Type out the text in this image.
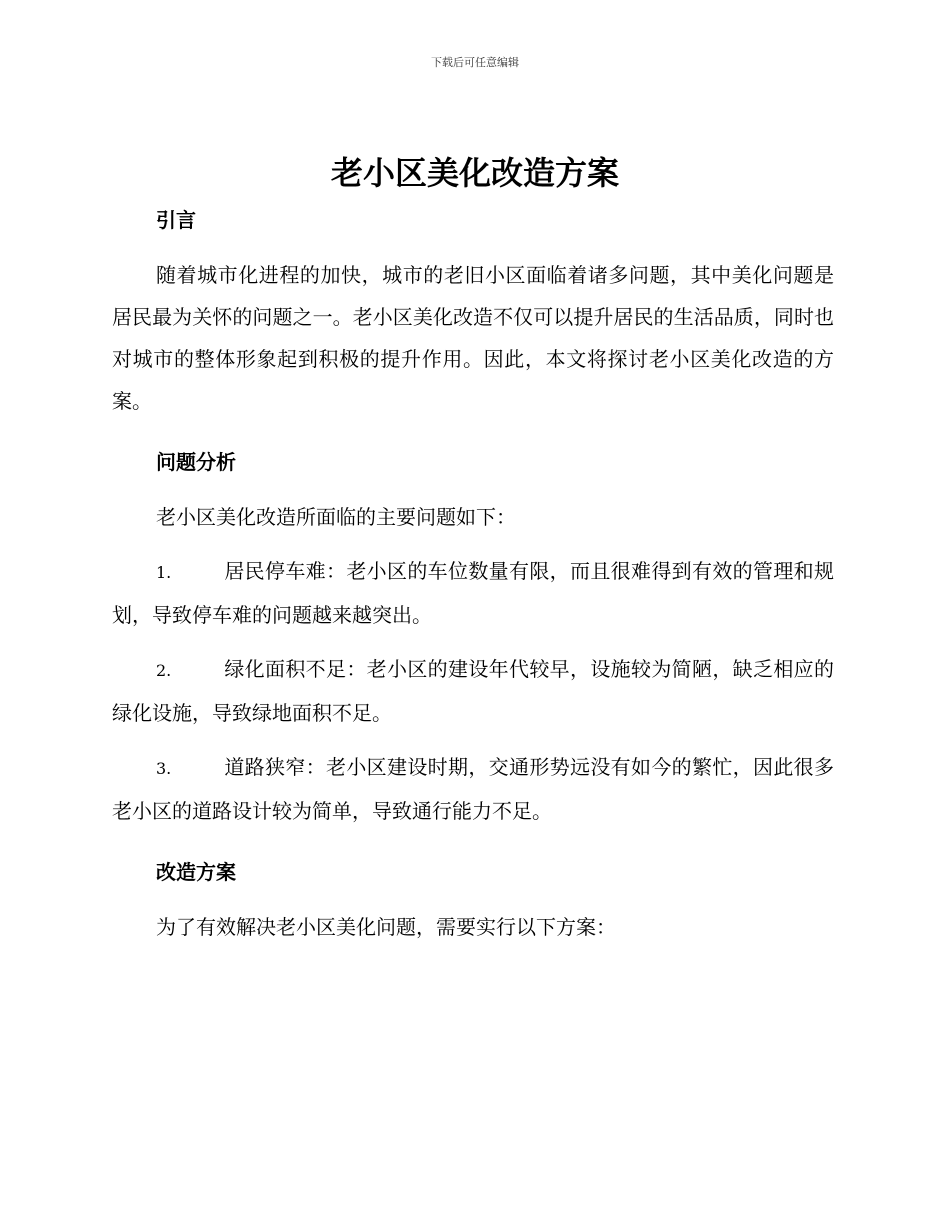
下载后可任意编辑
老小区美化改造方案
引言

随着城市化进程的加快，城市的老旧小区面临着诸多问题，其中美化问题是居民最为关怀的问题之一。老小区美化改造不仅可以提升居民的生活品质，同时也对城市的整体形象起到积极的提升作用。因此，本文将探讨老小区美化改造的方案。

问题分析

老小区美化改造所面临的主要问题如下：

1.	居民停车难：老小区的车位数量有限，而且很难得到有效的管理和规划，导致停车难的问题越来越突出。

2.	绿化面积不足：老小区的建设年代较早，设施较为简陋，缺乏相应的绿化设施，导致绿地面积不足。

3.	道路狭窄：老小区建设时期，交通形势远没有如今的繁忙，因此很多老小区的道路设计较为简单，导致通行能力不足。

改造方案

为了有效解决老小区美化问题，需要实行以下方案：
